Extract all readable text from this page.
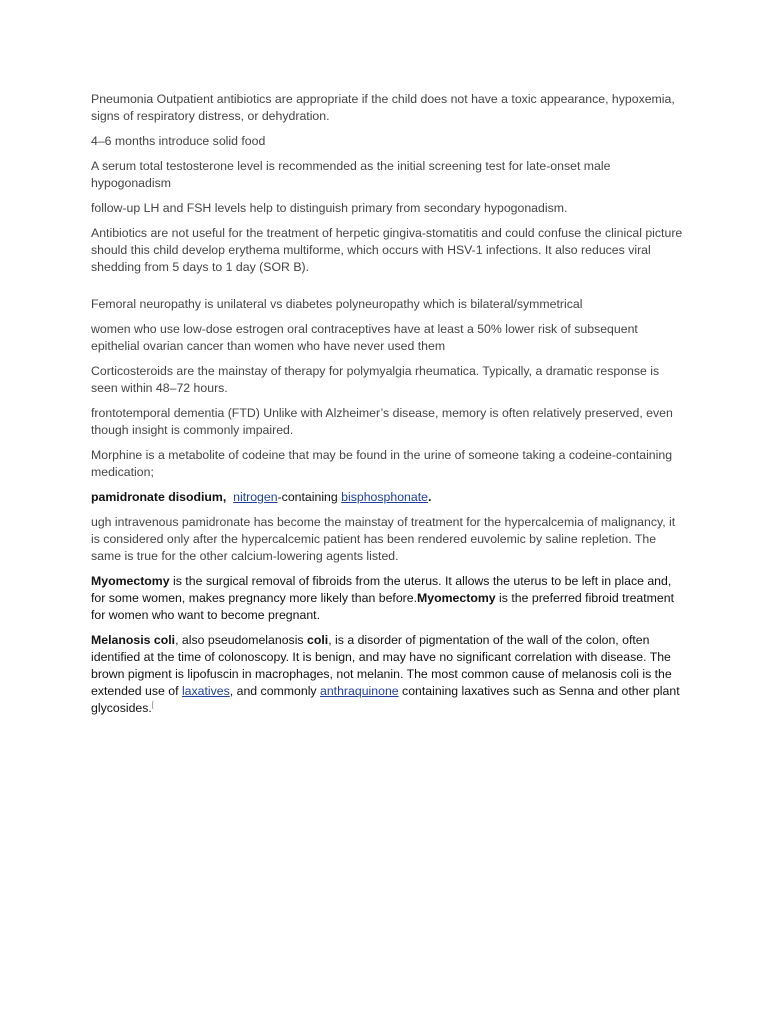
Pneumonia Outpatient antibiotics are appropriate if the child does not have a toxic appearance, hypoxemia, signs of respiratory distress, or dehydration.

4–6 months introduce solid food

A serum total testosterone level is recommended as the initial screening test for late-onset male hypogonadism

follow-up LH and FSH levels help to distinguish primary from secondary hypogonadism.

Antibiotics are not useful for the treatment of herpetic gingiva-stomatitis and could confuse the clinical picture should this child develop erythema multiforme, which occurs with HSV-1 infections. It also reduces viral shedding from 5 days to 1 day (SOR B).

Femoral neuropathy is unilateral vs diabetes polyneuropathy which is bilateral/symmetrical

women who use low-dose estrogen oral contraceptives have at least a 50% lower risk of subsequent epithelial ovarian cancer than women who have never used them

Corticosteroids are the mainstay of therapy for polymyalgia rheumatica. Typically, a dramatic response is seen within 48–72 hours.

frontotemporal dementia (FTD) Unlike with Alzheimer’s disease, memory is often relatively preserved, even though insight is commonly impaired.

Morphine is a metabolite of codeine that may be found in the urine of someone taking a codeine-containing medication;

pamidronate disodium, nitrogen-containing bisphosphonate.

ugh intravenous pamidronate has become the mainstay of treatment for the hypercalcemia of malignancy, it is considered only after the hypercalcemic patient has been rendered euvolemic by saline repletion. The same is true for the other calcium-lowering agents listed.

Myomectomy is the surgical removal of fibroids from the uterus. It allows the uterus to be left in place and, for some women, makes pregnancy more likely than before.Myomectomy is the preferred fibroid treatment for women who want to become pregnant.

Melanosis coli, also pseudomelanosis coli, is a disorder of pigmentation of the wall of the colon, often identified at the time of colonoscopy. It is benign, and may have no significant correlation with disease. The brown pigment is lipofuscin in macrophages, not melanin. The most common cause of melanosis coli is the extended use of laxatives, and commonly anthraquinone containing laxatives such as Senna and other plant glycosides.[
